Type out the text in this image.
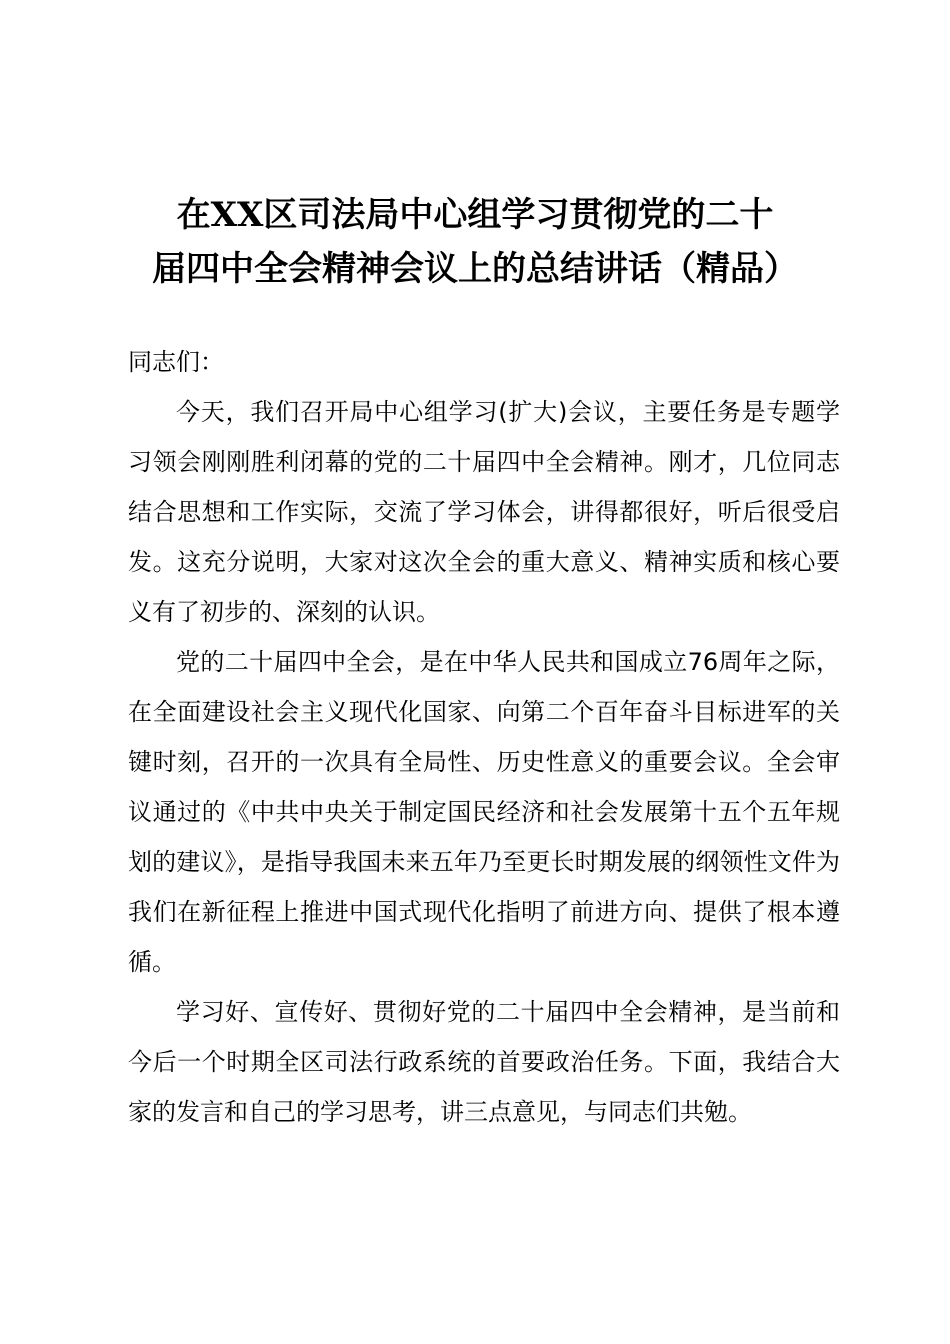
在XX区司法局中心组学习贯彻党的二十
届四中全会精神会议上的总结讲话（精品）

同志们：

今天，我们召开局中心组学习(扩大)会议，主要任务是专题学习领会刚刚胜利闭幕的党的二十届四中全会精神。刚才，几位同志结合思想和工作实际，交流了学习体会，讲得都很好，听后很受启发。这充分说明，大家对这次全会的重大意义、精神实质和核心要义有了初步的、深刻的认识。

党的二十届四中全会，是在中华人民共和国成立76周年之际，在全面建设社会主义现代化国家、向第二个百年奋斗目标进军的关键时刻，召开的一次具有全局性、历史性意义的重要会议。全会审议通过的《中共中央关于制定国民经济和社会发展第十五个五年规划的建议》，是指导我国未来五年乃至更长时期发展的纲领性文件为我们在新征程上推进中国式现代化指明了前进方向、提供了根本遵循。

学习好、宣传好、贯彻好党的二十届四中全会精神，是当前和今后一个时期全区司法行政系统的首要政治任务。下面，我结合大家的发言和自己的学习思考，讲三点意见，与同志们共勉。
